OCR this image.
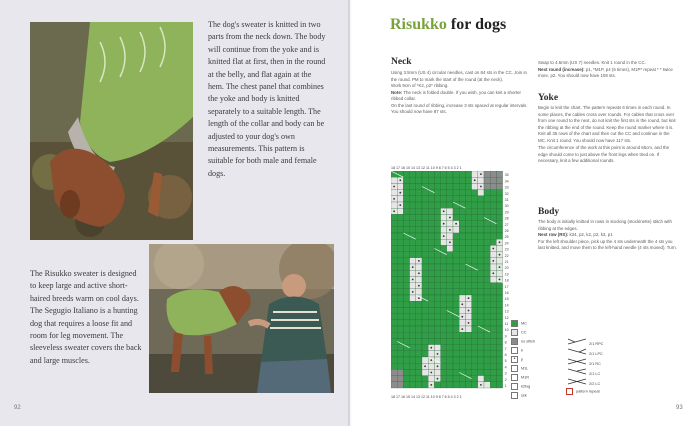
The dog's sweater is knitted in two parts from the neck down. The body will continue from the yoke and is knitted flat at first, then in the round at the belly, and flat again at the hem. The chest panel that combines the yoke and body is knitted separately to a suitable length. The length of the collar and body can be adjusted to your dog's own measurements. This pattern is suitable for both male and female dogs.

The Risukko sweater is designed to keep large and active short-haired breeds warm on cool days. The Segugio Italiano is a hunting dog that requires a loose fit and room for leg movement. The sleeveless sweater covers the back and large muscles.

92
Risukko for dogs
Neck
Using 3.5mm (US 4) circular needles, cast on 84 sts in the CC. Join in the round. PM to mark the start of the round (at the neck).
Work 9cm of *K2, p2* ribbing.
Note: The neck is folded double. If you wish, you can knit a shorter ribbed collar.
On the last round of ribbing, increase 3 sts spaced at regular intervals. You should now have 87 sts.
Swap to 4.5mm (US 7) needles. Knit 1 round in the CC.
Next round (increase): p1, *M1P, p4 (6 times), M1P* repeat * * twice more, p2. You should now have 108 sts.
Yoke
Begin to knit the chart. The pattern repeats 6 times in each round. In some places, the cables cross over rounds. For cables that cross over from one round to the next, do not knit the first sts in the round, but knit the ribbing at the end of the round. Keep the round marker where it is. Knit all 35 rows of the chart and then cut the CC and continue in the MC. Knit 1 round. You should now have 117 sts.
The circumference of the work at this point is around 65cm, and the edge should come to just above the front legs when tried on. If necessary, knit a few additional rounds.
Body
The body is initially knitted in rows in stocking (stockinette) stitch with ribbing at the edges.
Next row (RS): k34, p2, k2, p2, k3, p1
For the left shoulder piece, pick up the 4 sts underneath the 4 sts you last knitted, and move them to the left-hand needle (4 sts moved). Turn.
18 17 16 15 14 13 12 11 10 9 8 7 6 5 4 3 2 1
35
34
33
32
31
30
29
28
27
26
25
24
23
22
21
20
19
18
17
16
15
14
13
12
11
10
9
8
7
6
5
4
3
2
1
18 17 16 15 14 13 12 11 10 9 8 7 6 5 4 3 2 1
MC
CC
no stitch
k
• p
M1L
M1R
k2tog
ssk
2/1 RPC
2/1 LPC
2/1 RC
2/1 LC
2/2 LC
pattern repeat
93
